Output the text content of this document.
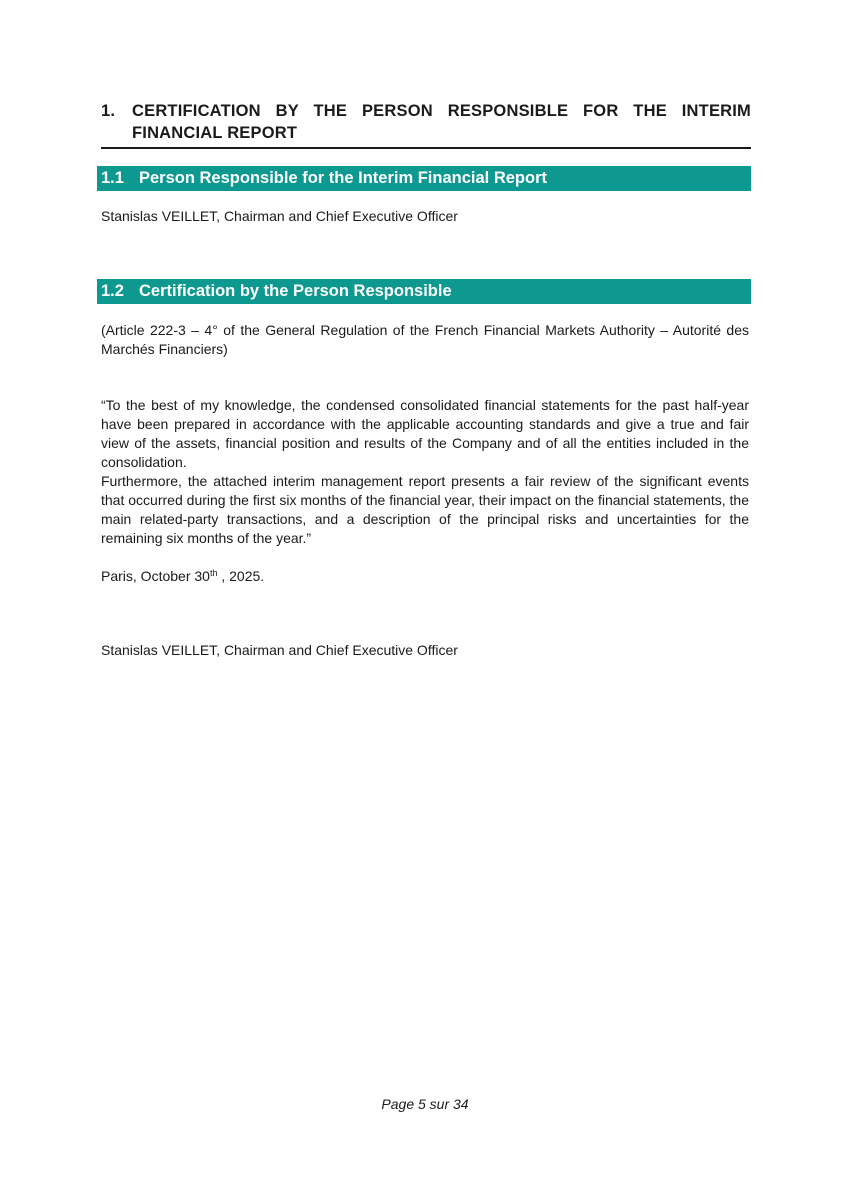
1.	CERTIFICATION BY THE PERSON RESPONSIBLE FOR THE INTERIM FINANCIAL REPORT
1.1 Person Responsible for the Interim Financial Report
Stanislas VEILLET, Chairman and Chief Executive Officer
1.2 Certification by the Person Responsible
(Article 222-3 – 4° of the General Regulation of the French Financial Markets Authority – Autorité des Marchés Financiers)

“To the best of my knowledge, the condensed consolidated financial statements for the past half-year have been prepared in accordance with the applicable accounting standards and give a true and fair view of the assets, financial position and results of the Company and of all the entities included in the consolidation.

Furthermore, the attached interim management report presents a fair review of the significant events that occurred during the first six months of the financial year, their impact on the financial statements, the main related-party transactions, and a description of the principal risks and uncertainties for the remaining six months of the year.”

Paris, October 30th , 2025.
Stanislas VEILLET, Chairman and Chief Executive Officer
Page 5 sur 34
